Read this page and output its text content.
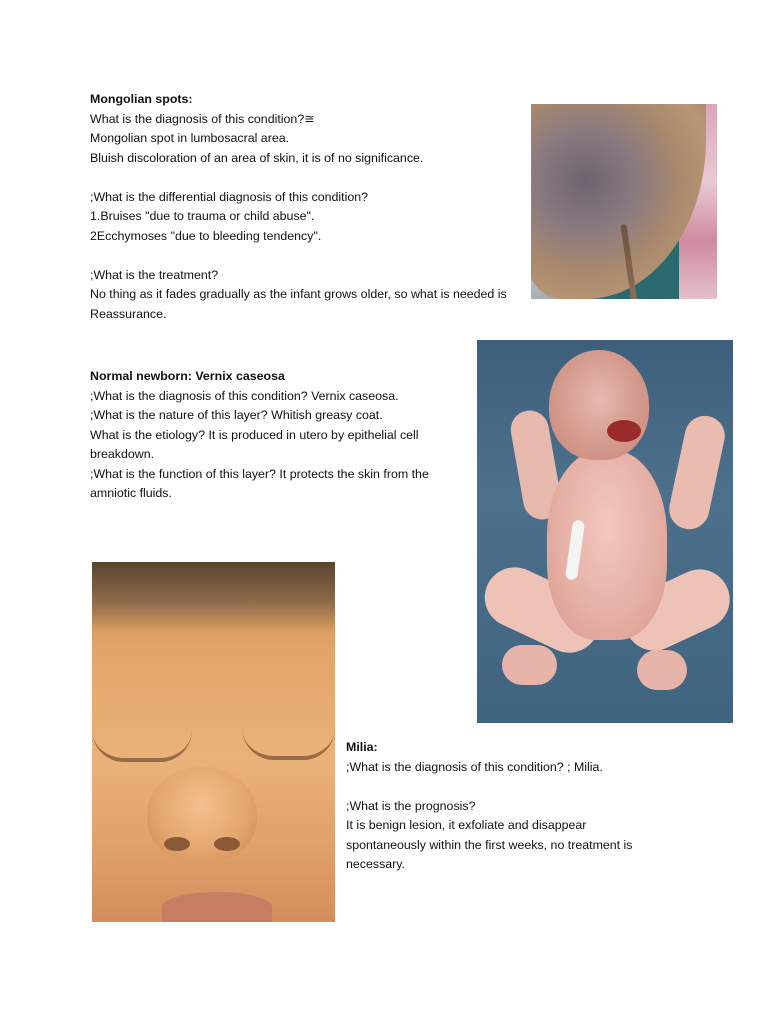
Mongolian spots:

What is the diagnosis of this condition?≅

Mongolian spot in lumbosacral area.

Bluish discoloration of an area of skin, it is of no significance.

;What is the differential diagnosis of this condition?

1.Bruises "due to trauma or child abuse".

2Ecchymoses "due to bleeding tendency".

;What is the treatment?

No thing as it fades gradually as the infant grows older, so what is needed is

Reassurance.

Normal newborn: Vernix caseosa

;What is the diagnosis of this condition? Vernix caseosa.

;What is the nature of this layer? Whitish greasy coat.

What is the etiology? It is produced in utero by epithelial cell

breakdown.

;What is the function of this layer? It protects the skin from the

amniotic fluids.

Milia:

;What is the diagnosis of this condition? ; Milia.

;What is the prognosis?

It is benign lesion, it exfoliate and disappear

spontaneously within the first weeks, no treatment is

necessary.
